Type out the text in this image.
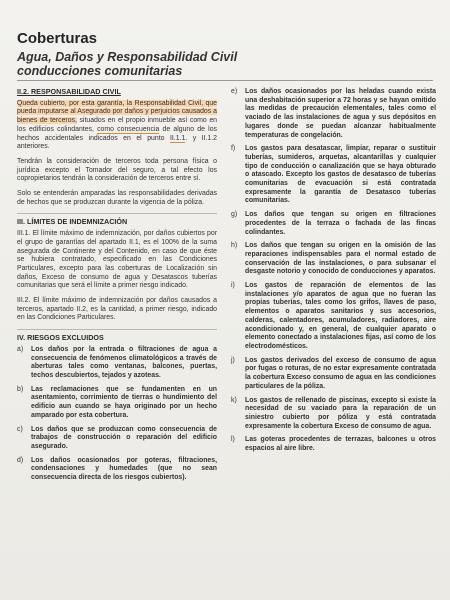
Coberturas

Agua, Daños y Responsabilidad Civil
conducciones comunitarias

II.2. RESPONSABILIDAD CIVIL

Queda cubierto, por esta garantía, la Responsabilidad Civil, que pueda imputarse al Asegurado por daños y perjuicios causados a bienes de terceros, situados en el propio inmueble así como en los edificios colindantes, como consecuencia de alguno de los hechos accidentales indicados en el punto II.1.1. y II.1.2 anteriores.

Tendrán la consideración de terceros toda persona física o jurídica excepto el Tomador del seguro, a tal efecto los copropietarios tendrán la consideración de terceros entre sí.

Solo se entenderán amparadas las responsabilidades derivadas de hechos que se produzcan durante la vigencia de la póliza.

III. LÍMITES DE INDEMNIZACIÓN

III.1. El límite máximo de indemnización, por daños cubiertos por el grupo de garantías del apartado II.1, es el 100% de la suma asegurada de Continente y del Contenido, en caso de que éste se hubiera contratado, especificado en las Condiciones Particulares, excepto para las coberturas de Localización sin daños, Exceso de consumo de agua y Desatascos tuberías comunitarias que será el límite a primer riesgo indicado.

III.2. El límite máximo de indemnización por daños causados a terceros, apartado II.2, es la cantidad, a primer riesgo, indicado en las Condiciones Particulares.

IV. RIESGOS EXCLUIDOS
a)	Los daños por la entrada o filtraciones de agua a consecuencia de fenómenos climatológicos a través de aberturas tales como ventanas, balcones, puertas, techos descubiertos, tejados y azoteas.
b)	Las reclamaciones que se fundamenten en un asentamiento, corrimiento de tierras o hundimiento del edificio aun cuando se haya originado por un hecho amparado por esta cobertura.
c)	Los daños que se produzcan como consecuencia de trabajos de construcción o reparación del edificio asegurado.
d)	Los daños ocasionados por goteras, filtraciones, condensaciones y humedades (que no sean consecuencia directa de los riesgos cubiertos).
e)	Los daños ocasionados por las heladas cuando exista una deshabitación superior a 72 horas y se hayan omitido las medidas de precaución elementales, tales como el vaciado de las instalaciones de agua y sus depósitos en lugares donde se puedan alcanzar habitualmente temperaturas de congelación.
f)	Los gastos para desatascar, limpiar, reparar o sustituir tuberías, sumideros, arquetas, alcantarillas y cualquier tipo de conducción o canalización que se haya obturado o atascado. Excepto los gastos de desatasco de tuberías comunitarias de evacuación si está contratada expresamente la garantía de Desatasco tuberías comunitarias.
g)	Los daños que tengan su origen en filtraciones procedentes de la terraza o fachada de las fincas colindantes.
h)	Los daños que tengan su origen en la omisión de las reparaciones indispensables para el normal estado de conservación de las instalaciones, o para subsanar el desgaste notorio y conocido de conducciones y aparatos.
i)	Los gastos de reparación de elementos de las instalaciones y/o aparatos de agua que no fueran las propias tuberías, tales como los grifos, llaves de paso, elementos o aparatos sanitarios y sus accesorios, calderas, calentadores, acumuladores, radiadores, aire acondicionado y, en general, de cualquier aparato o elemento conectado a instalaciones fijas, así como de los electrodomésticos.
j)	Los gastos derivados del exceso de consumo de agua por fugas o roturas, de no estar expresamente contratada la cobertura Exceso consumo de agua en las condiciones particulares de la póliza.
k)	Los gastos de rellenado de piscinas, excepto si existe la necesidad de su vaciado para la reparación de un siniestro cubierto por póliza y está contratada expresamente la cobertura Exceso de consumo de agua.
l)	Las goteras procedentes de terrazas, balcones u otros espacios al aire libre.
